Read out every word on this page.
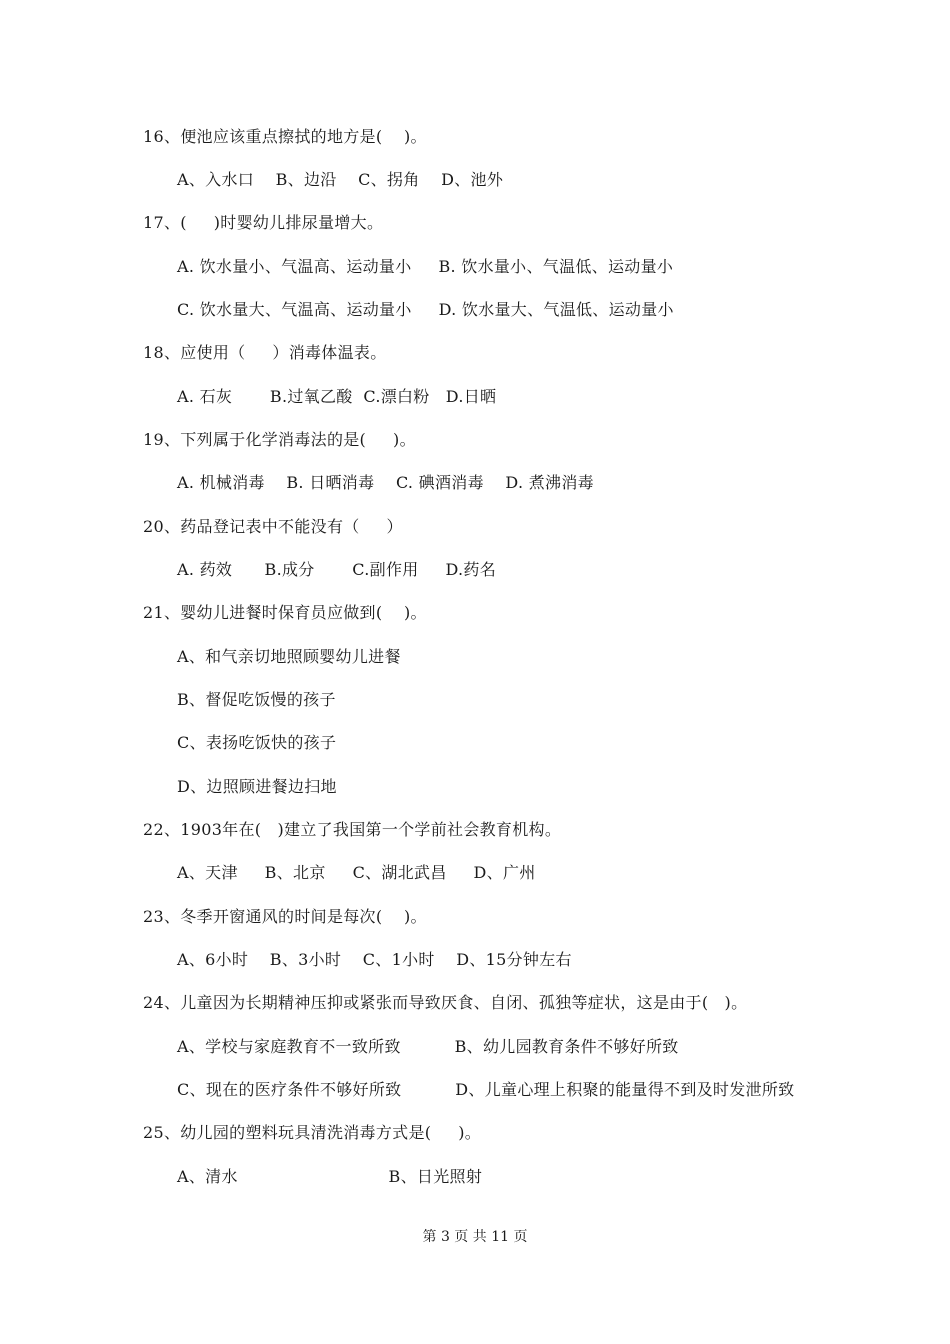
16、便池应该重点擦拭的地方是(    )。
A、入水口    B、边沿    C、拐角    D、池外
17、(     )时婴幼儿排尿量增大。
A. 饮水量小、气温高、运动量小     B. 饮水量小、气温低、运动量小
C. 饮水量大、气温高、运动量小     D. 饮水量大、气温低、运动量小
18、应使用（     ）消毒体温表。
A. 石灰       B.过氧乙酸  C.漂白粉   D.日晒
19、下列属于化学消毒法的是(     )。
A. 机械消毒    B. 日晒消毒    C. 碘酒消毒    D. 煮沸消毒
20、药品登记表中不能没有（     ）
A. 药效      B.成分       C.副作用     D.药名
21、婴幼儿进餐时保育员应做到(    )。
A、和气亲切地照顾婴幼儿进餐
B、督促吃饭慢的孩子
C、表扬吃饭快的孩子
D、边照顾进餐边扫地
22、1903年在(   )建立了我国第一个学前社会教育机构。
A、天津     B、北京     C、湖北武昌     D、广州
23、冬季开窗通风的时间是每次(    )。
A、6小时    B、3小时    C、1小时    D、15分钟左右
24、儿童因为长期精神压抑或紧张而导致厌食、自闭、孤独等症状，这是由于(   )。
A、学校与家庭教育不一致所致          B、幼儿园教育条件不够好所致
C、现在的医疗条件不够好所致          D、儿童心理上积聚的能量得不到及时发泄所致
25、幼儿园的塑料玩具清洗消毒方式是(     )。
A、清水                            B、日光照射
第 3 页 共 11 页
